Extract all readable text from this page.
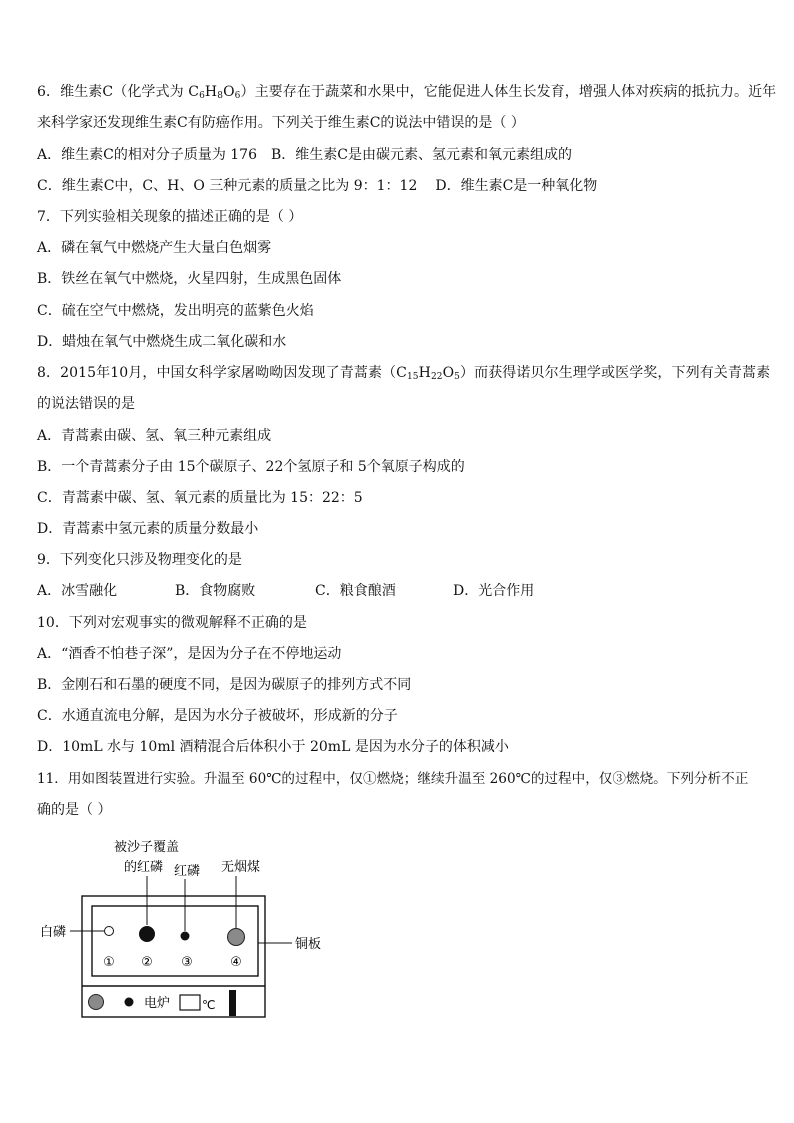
6．维生素C（化学式为 $C_6H_8O_6$）主要存在于蔬菜和水果中，它能促进人体生长发育，增强人体对疾病的抵抗力。近年
来科学家还发现维生素C有防癌作用。下列关于维生素C的说法中错误的是（ ）
A．维生素C的相对分子质量为 176 B．维生素C是由碳元素、氢元素和氧元素组成的
C．维生素C中，C、H、O 三种元素的质量之比为 9：1：12 D．维生素C是一种氧化物
7．下列实验相关现象的描述正确的是（ ）
A．磷在氧气中燃烧产生大量白色烟雾
B．铁丝在氧气中燃烧，火星四射，生成黑色固体
C．硫在空气中燃烧，发出明亮的蓝紫色火焰
D．蜡烛在氧气中燃烧生成二氧化碳和水
8．2015年10月，中国女科学家屠呦呦因发现了青蒿素$(C_{15}H_{22}O_5)$而获得诺贝尔生理学或医学奖，下列有关青蒿素
的说法错误的是
A．青蒿素由碳、氢、氧三种元素组成
B．一个青蒿素分子由 15个碳原子、22个氢原子和 5个氧原子构成的
C．青蒿素中碳、氢、氧元素的质量比为 15：22：5
D．青蒿素中氢元素的质量分数最小
9．下列变化只涉及物理变化的是
A．冰雪融化	B．食物腐败	C．粮食酿酒	D．光合作用
10．下列对宏观事实的微观解释不正确的是
A．“酒香不怕巷子深”，是因为分子在不停地运动
B．金刚石和石墨的硬度不同，是因为碳原子的排列方式不同
C．水通直流电分解，是因为水分子被破坏，形成新的分子
D．10mL 水与 10ml 酒精混合后体积小于 20mL 是因为水分子的体积减小
11．用如图装置进行实验。升温至 60℃的过程中，仅①燃烧；继续升温至 260℃的过程中，仅③燃烧。下列分析不正
确的是（ ）
① ② ③	④
被沙子覆盖
的红磷 红磷 无烟煤
白磷
铜板
电炉	℃
